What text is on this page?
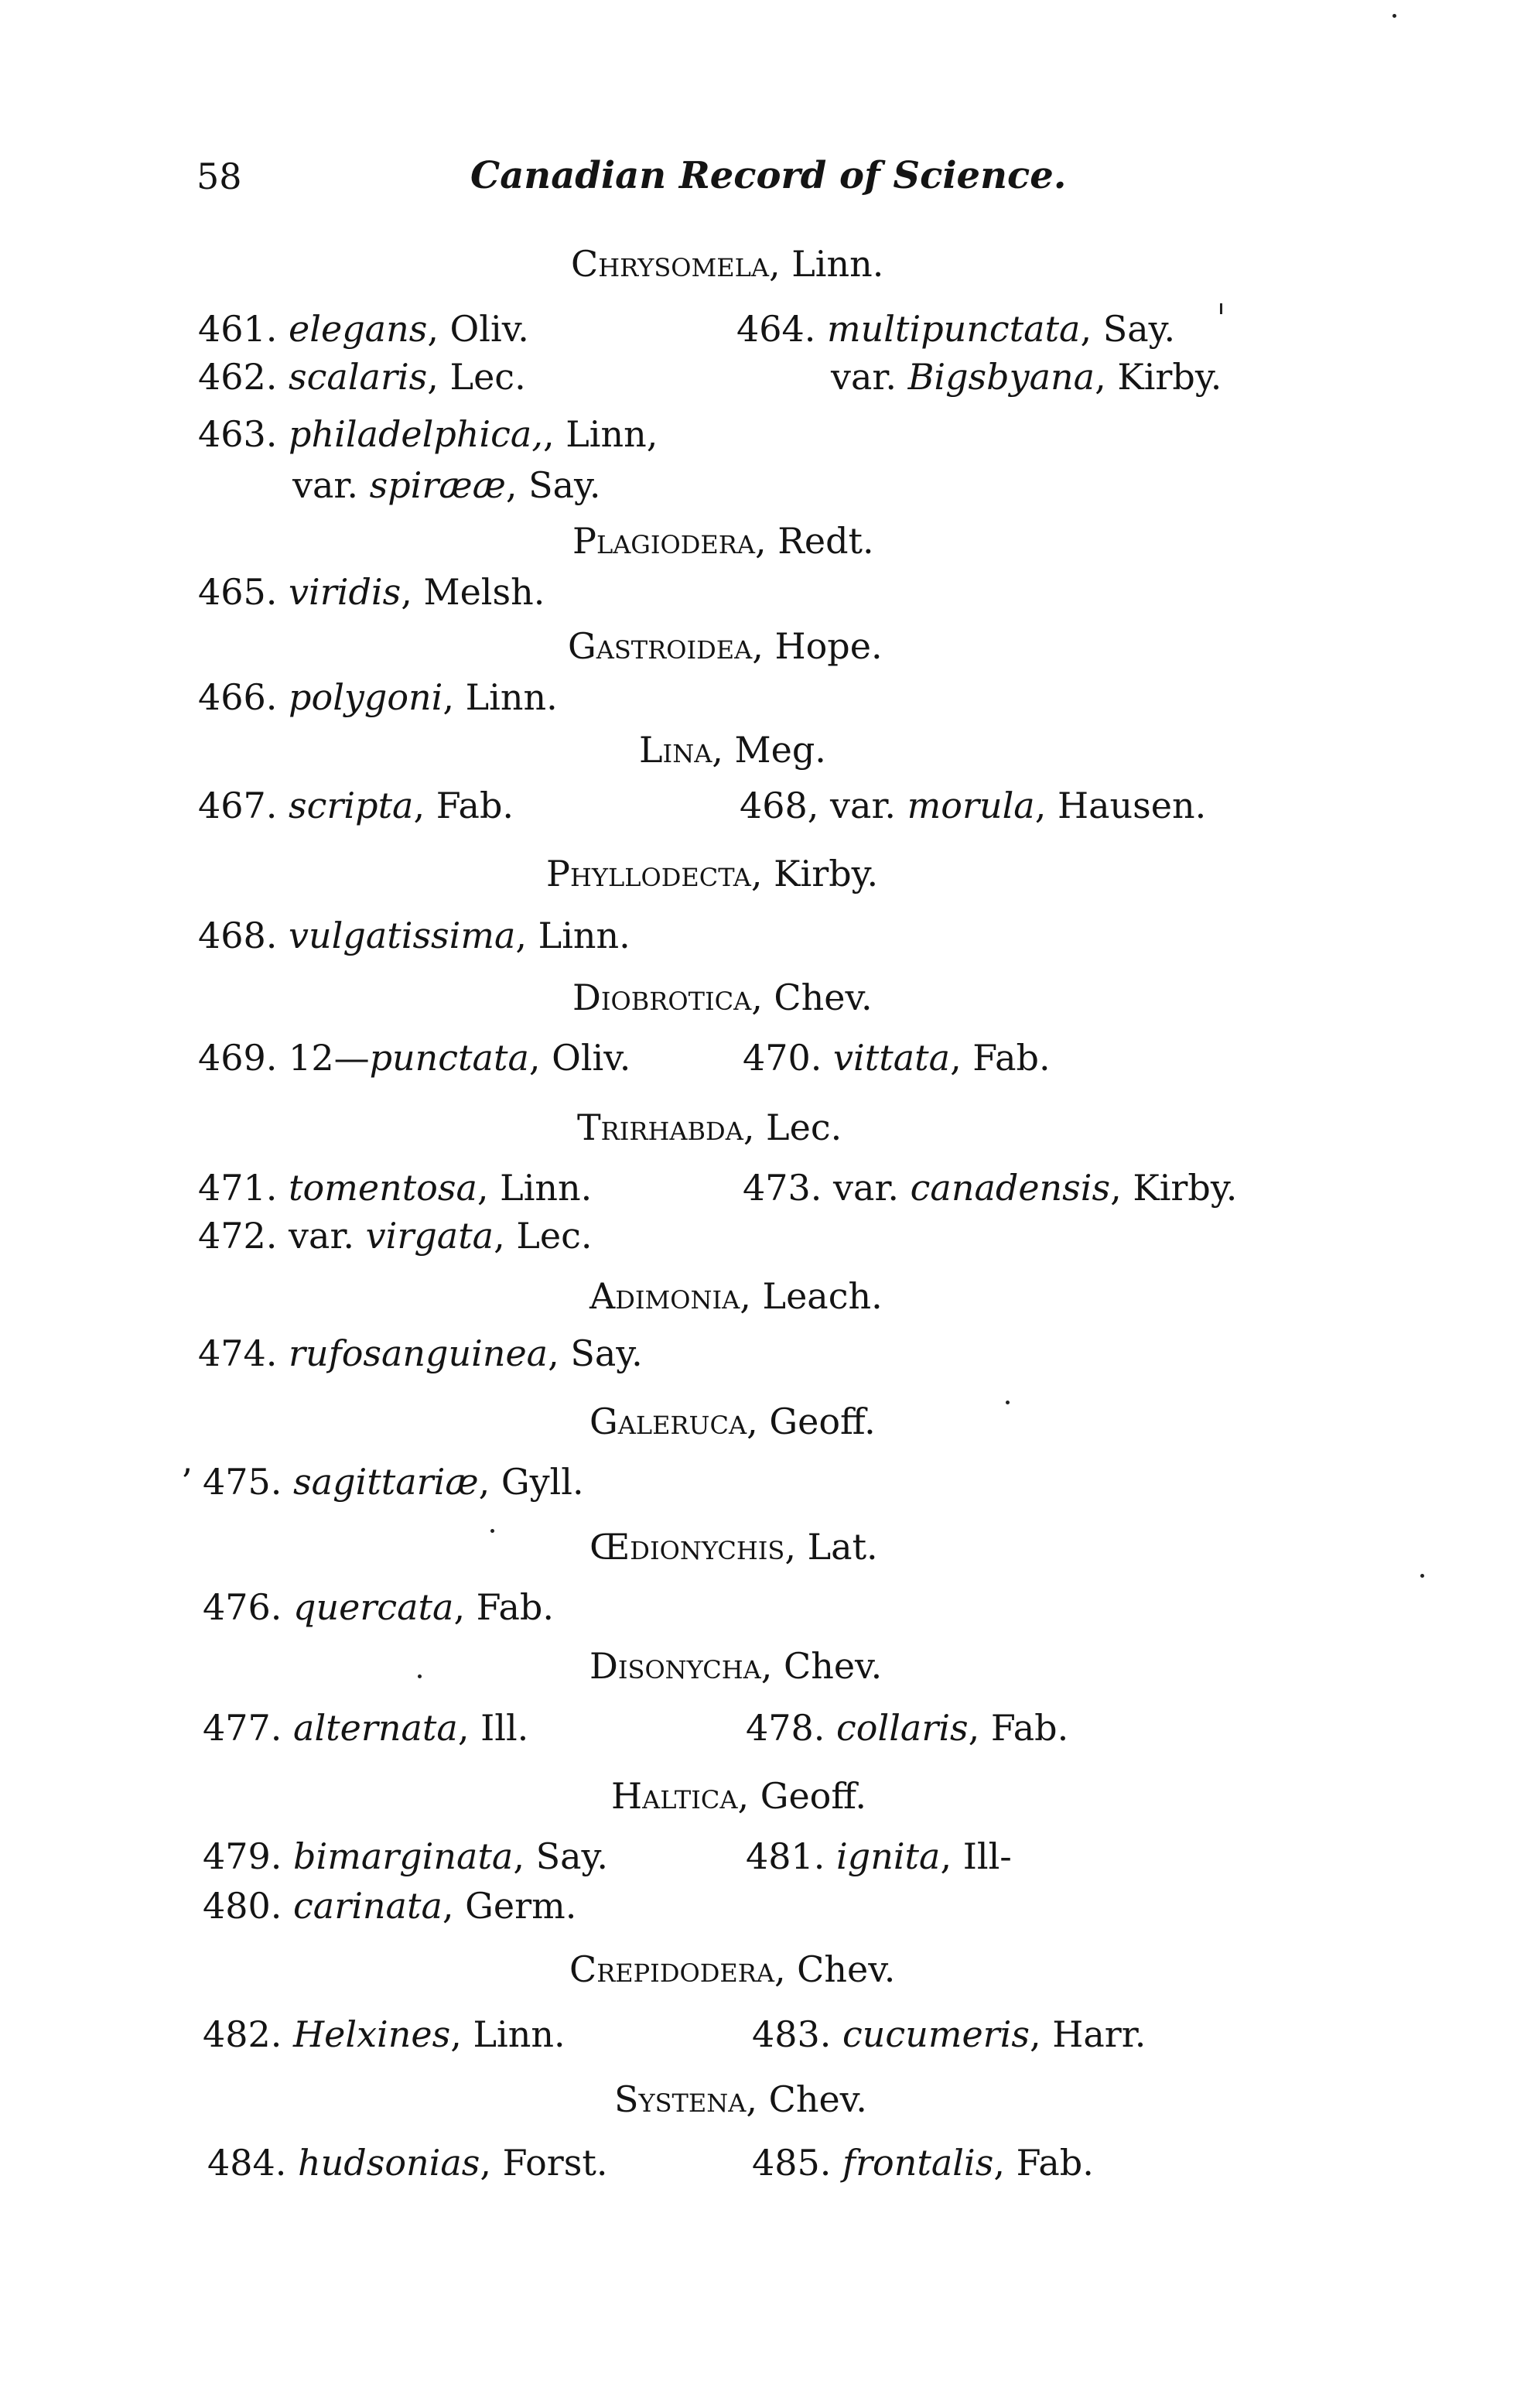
58	Canadian Record of Science.
Chrysomela, Linn.
461. elegans, Oliv.	464. multipunctata, Say.
462. scalaris, Lec.	var. Bigsbyana, Kirby.
463. philadelphica,, Linn,
var. spirææ, Say.
Plagiodera, Redt.
465. viridis, Melsh.
Gastroidea, Hope.
466. polygoni, Linn.
Lina, Meg.
467. scripta, Fab.	468, var. morula, Hausen.
Phyllodecta, Kirby.
468. vulgatissima, Linn.
Diobrotica, Chev.
469. 12—punctata, Oliv.	470. vittata, Fab.
Trirhabda, Lec.
471. tomentosa, Linn.	473. var. canadensis, Kirby.
472. var. virgata, Lec.
Adimonia, Leach.
474. rufosanguinea, Say.
Galeruca, Geoff.
’ 475. sagittariæ, Gyll.
Œdionychis, Lat.
476. quercata, Fab.
Disonycha, Chev.
477. alternata, Ill.	478. collaris, Fab.
Haltica, Geoff.
479. bimarginata, Say.	481. ignita, Ill-
480. carinata, Germ.
Crepidodera, Chev.
482. Helxines, Linn.	483. cucumeris, Harr.
Systena, Chev.
484. hudsonias, Forst.	485. frontalis, Fab.
